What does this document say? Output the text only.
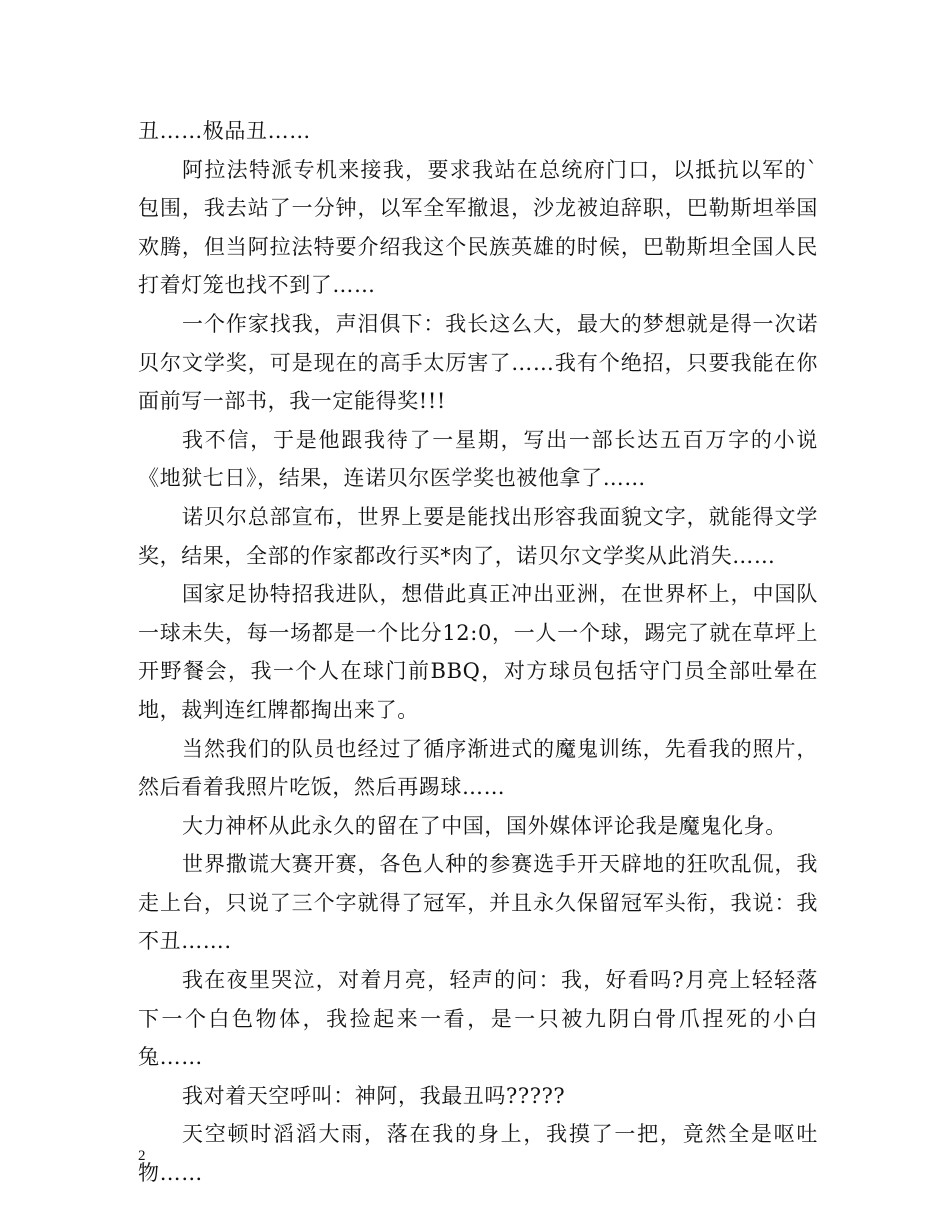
丑……极品丑……

阿拉法特派专机来接我，要求我站在总统府门口，以抵抗以军的`包围，我去站了一分钟，以军全军撤退，沙龙被迫辞职，巴勒斯坦举国欢腾，但当阿拉法特要介绍我这个民族英雄的时候，巴勒斯坦全国人民打着灯笼也找不到了……

一个作家找我，声泪俱下：我长这么大，最大的梦想就是得一次诺贝尔文学奖，可是现在的高手太厉害了……我有个绝招，只要我能在你面前写一部书，我一定能得奖!!!

我不信，于是他跟我待了一星期，写出一部长达五百万字的小说《地狱七日》，结果，连诺贝尔医学奖也被他拿了……

诺贝尔总部宣布，世界上要是能找出形容我面貌文字，就能得文学奖，结果，全部的作家都改行买*肉了，诺贝尔文学奖从此消失……

国家足协特招我进队，想借此真正冲出亚洲，在世界杯上，中国队一球未失，每一场都是一个比分12:0，一人一个球，踢完了就在草坪上开野餐会，我一个人在球门前BBQ，对方球员包括守门员全部吐晕在地，裁判连红牌都掏出来了。

当然我们的队员也经过了循序渐进式的魔鬼训练，先看我的照片，然后看着我照片吃饭，然后再踢球……

大力神杯从此永久的留在了中国，国外媒体评论我是魔鬼化身。

世界撒谎大赛开赛，各色人种的参赛选手开天辟地的狂吹乱侃，我走上台，只说了三个字就得了冠军，并且永久保留冠军头衔，我说：我不丑…….

我在夜里哭泣，对着月亮，轻声的问：我，好看吗?月亮上轻轻落下一个白色物体，我捡起来一看，是一只被九阴白骨爪捏死的小白兔……

我对着天空呼叫：神阿，我最丑吗?????

天空顿时滔滔大雨，落在我的身上，我摸了一把，竟然全是呕吐物……

2
